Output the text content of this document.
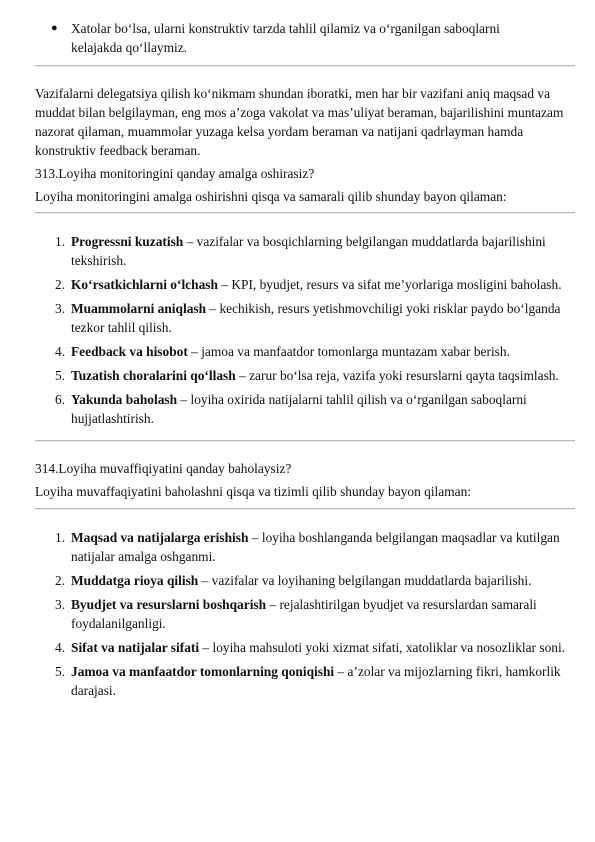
● Xatolar bo‘lsa, ularni konstruktiv tarzda tahlil qilamiz va o‘rganilgan saboqlarni kelajakda qo‘llaymiz.

Vazifalarni delegatsiya qilish ko‘nikmam shundan iboratki, men har bir vazifani aniq maqsad va muddat bilan belgilayman, eng mos a’zoga vakolat va mas’uliyat beraman, bajarilishini muntazam nazorat qilaman, muammolar yuzaga kelsa yordam beraman va natijani qadrlayman hamda konstruktiv feedback beraman.

313.Loyiha monitoringini qanday amalga oshirasiz?

Loyiha monitoringini amalga oshirishni qisqa va samarali qilib shunday bayon qilaman:

1. Progressni kuzatish – vazifalar va bosqichlarning belgilangan muddatlarda bajarilishini tekshirish.
2. Ko‘rsatkichlarni o‘lchash – KPI, byudjet, resurs va sifat me’yorlariga mosligini baholash.
3. Muammolarni aniqlash – kechikish, resurs yetishmovchiligi yoki risklar paydo bo‘lganda tezkor tahlil qilish.
4. Feedback va hisobot – jamoa va manfaatdor tomonlarga muntazam xabar berish.
5. Tuzatish choralarini qo‘llash – zarur bo‘lsa reja, vazifa yoki resurslarni qayta taqsimlash.
6. Yakunda baholash – loyiha oxirida natijalarni tahlil qilish va o‘rganilgan saboqlarni hujjatlashtirish.

314.Loyiha muvaffiqiyatini qanday baholaysiz?

Loyiha muvaffaqiyatini baholashni qisqa va tizimli qilib shunday bayon qilaman:

1. Maqsad va natijalarga erishish – loyiha boshlanganda belgilangan maqsadlar va kutilgan natijalar amalga oshganmi.
2. Muddatga rioya qilish – vazifalar va loyihaning belgilangan muddatlarda bajarilishi.
3. Byudjet va resurslarni boshqarish – rejalashtirilgan byudjet va resurslardan samarali foydalanilganligi.
4. Sifat va natijalar sifati – loyiha mahsuloti yoki xizmat sifati, xatoliklar va nosozliklar soni.
5. Jamoa va manfaatdor tomonlarning qoniqishi – a’zolar va mijozlarning fikri, hamkorlik darajasi.
